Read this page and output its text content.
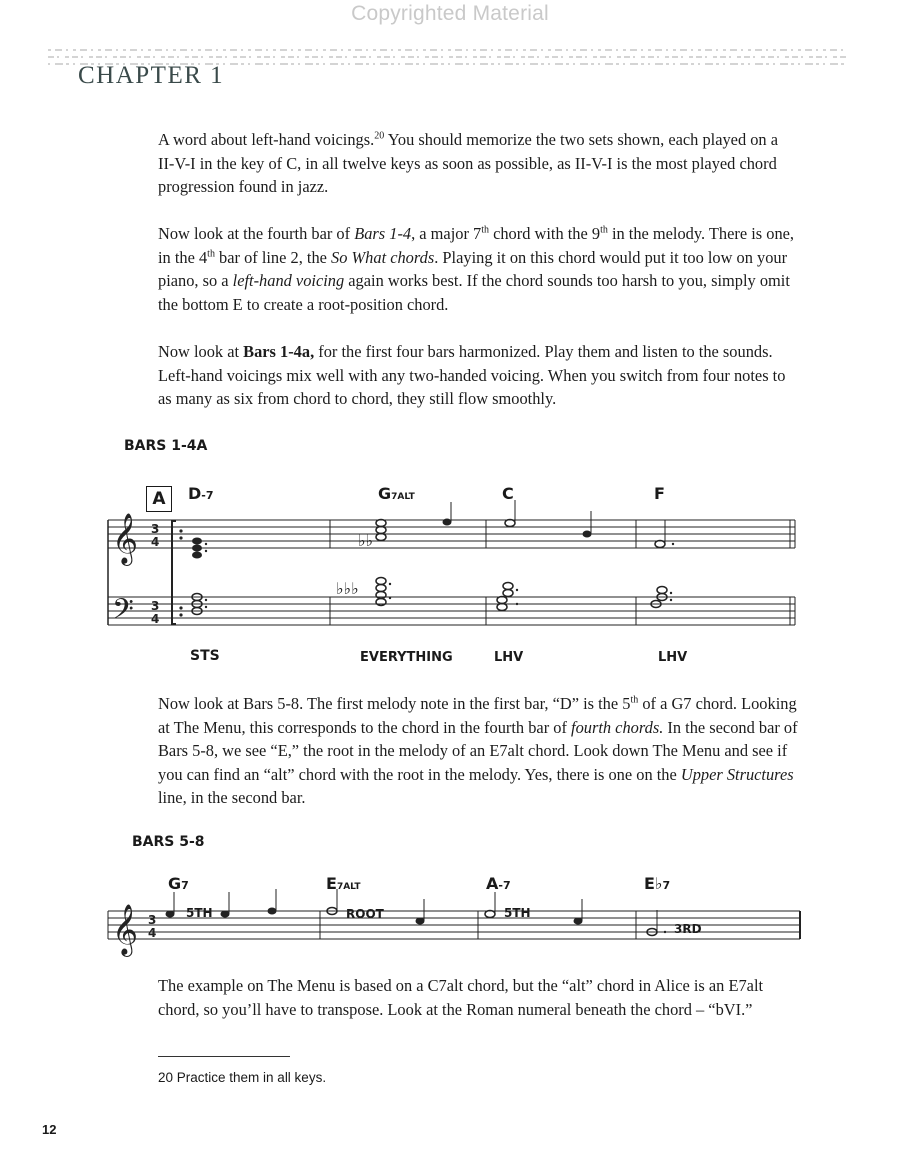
Copyrighted Material
CHAPTER 1
A word about left-hand voicings.$^{20}$ You should memorize the two sets shown, each played on a II-V-I in the key of C, in all twelve keys as soon as possible, as II-V-I is the most played chord progression found in jazz.
Now look at the fourth bar of Bars 1-4, a major 7th chord with the 9th in the melody. There is one, in the 4th bar of line 2, the So What chords. Playing it on this chord would put it too low on your piano, so a left-hand voicing again works best. If the chord sounds too harsh to you, simply omit the bottom E to create a root-position chord.
Now look at Bars 1-4a, for the first four bars harmonized. Play them and listen to the sounds. Left-hand voicings mix well with any two-handed voicing. When you switch from four notes to as many as six from chord to chord, they still flow smoothly.
BARS 1-4A
D-7	G7ALT	C	F
A
STS	EVERYTHING	LHV	LHV
Now look at Bars 5-8. The first melody note in the first bar, “D” is the 5th of a G7 chord. Looking at The Menu, this corresponds to the chord in the fourth bar of fourth chords. In the second bar of Bars 5-8, we see “E,” the root in the melody of an E7alt chord. Look down The Menu and see if you can find an “alt” chord with the root in the melody. Yes, there is one on the Upper Structures line, in the second bar.
BARS 5-8
G7	E7ALT	A-7	E♭7
5TH	ROOT	5TH
3RD
𝄞
𝄢
3
4
3
4
♭♭
♭♭♭
𝄞 3
4
The example on The Menu is based on a C7alt chord, but the “alt” chord in Alice is an E7alt chord, so you’ll have to transpose. Look at the Roman numeral beneath the chord – “bVI.”
20 Practice them in all keys.
12
